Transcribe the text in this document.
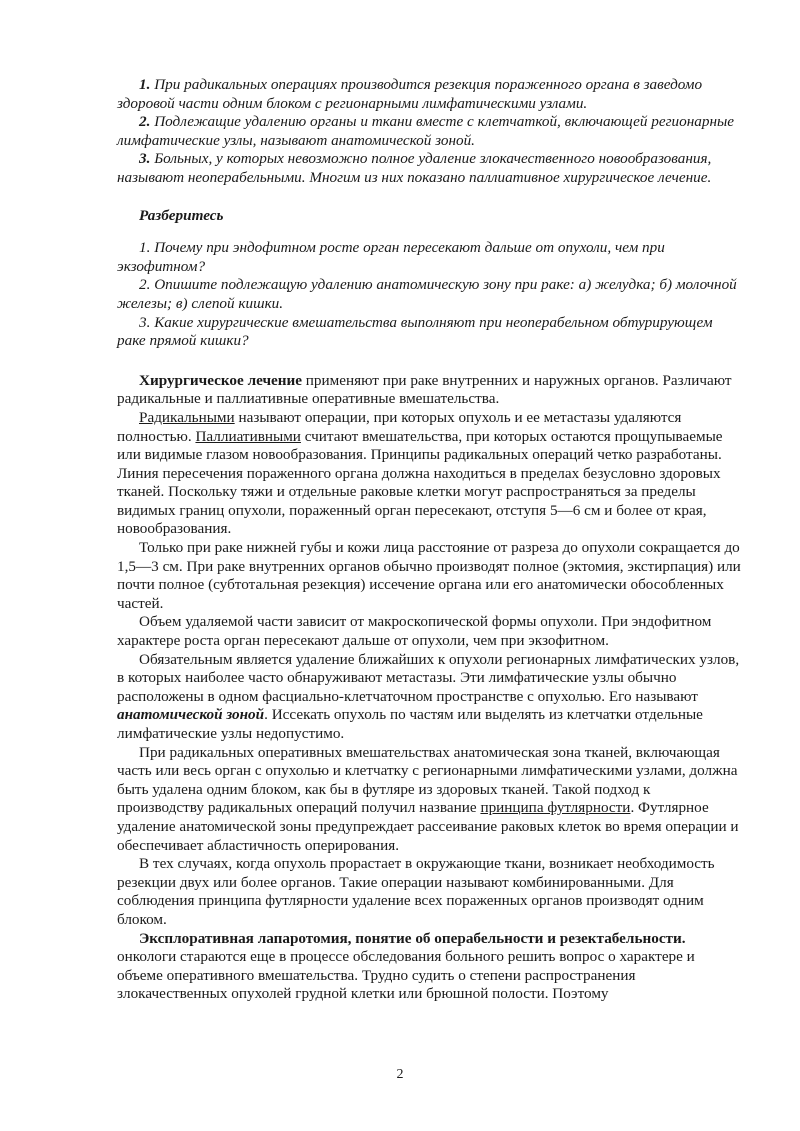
1. При радикальных операциях производится резекция пораженного органа в заведомо здоровой части одним блоком с регионарными лимфатическими узлами.

2. Подлежащие удалению органы и ткани вместе с клетчаткой, включающей регионарные лимфатические узлы, называют анатомической зоной.

3. Больных, у которых невозможно полное удаление злокачественного новообразования, называют неоперабельными. Многим из них показано паллиативное хирургическое лечение.

Разберитесь

1. Почему при эндофитном росте орган пересекают дальше от опухоли, чем при экзофитном?

2. Опишите подлежащую удалению анатомическую зону при раке: а) желудка; б) молочной железы; в) слепой кишки.

3. Какие хирургические вмешательства выполняют при неоперабельном обтурирующем раке прямой кишки?

Хирургическое лечение применяют при раке внутренних и наружных органов. Различают радикальные и паллиативные оперативные вмешательства.

Радикальными называют операции, при которых опухоль и ее метастазы удаляются полностью. Паллиативными считают вмешательства, при которых остаются прощупываемые или видимые глазом новообразования. Принципы радикальных операций четко разработаны. Линия пересечения пораженного органа должна находиться в пределах безусловно здоровых тканей. Поскольку тяжи и отдельные раковые клетки могут распространяться за пределы видимых границ опухоли, пораженный орган пересекают, отступя 5—6 см и более от края, новообразования.

Только при раке нижней губы и кожи лица расстояние от разреза до опухоли сокращается до 1,5—3 см. При раке внутренних органов обычно производят полное (эктомия, экстирпация) или почти полное (субтотальная резекция) иссечение органа или его анатомически обособленных частей.

Объем удаляемой части зависит от макроскопической формы опухоли. При эндофитном характере роста орган пересекают дальше от опухоли, чем при экзофитном.

Обязательным является удаление ближайших к опухоли регионарных лимфатических узлов, в которых наиболее часто обнаруживают метастазы. Эти лимфатические узлы обычно расположены в одном фасциально-клетчаточном пространстве с опухолью. Его называют анатомической зоной. Иссекать опухоль по частям или выделять из клетчатки отдельные лимфатические узлы недопустимо.

При радикальных оперативных вмешательствах анатомическая зона тканей, включающая часть или весь орган с опухолью и клетчатку с регионарными лимфатическими узлами, должна быть удалена одним блоком, как бы в футляре из здоровых тканей. Такой подход к производству радикальных операций получил название принципа футлярности. Футлярное удаление анатомической зоны предупреждает рассеивание раковых клеток во время операции и обеспечивает абластичность оперирования.

В тех случаях, когда опухоль прорастает в окружающие ткани, возникает необходимость резекции двух или более органов. Такие операции называют комбинированными. Для соблюдения принципа футлярности удаление всех пораженных органов производят одним блоком.

Эксплоративная лапаротомия, понятие об операбельности и резектабельности. онкологи стараются еще в процессе обследования больного решить вопрос о характере и объеме оперативного вмешательства. Трудно судить о степени распространения злокачественных опухолей грудной клетки или брюшной полости. Поэтому

2
